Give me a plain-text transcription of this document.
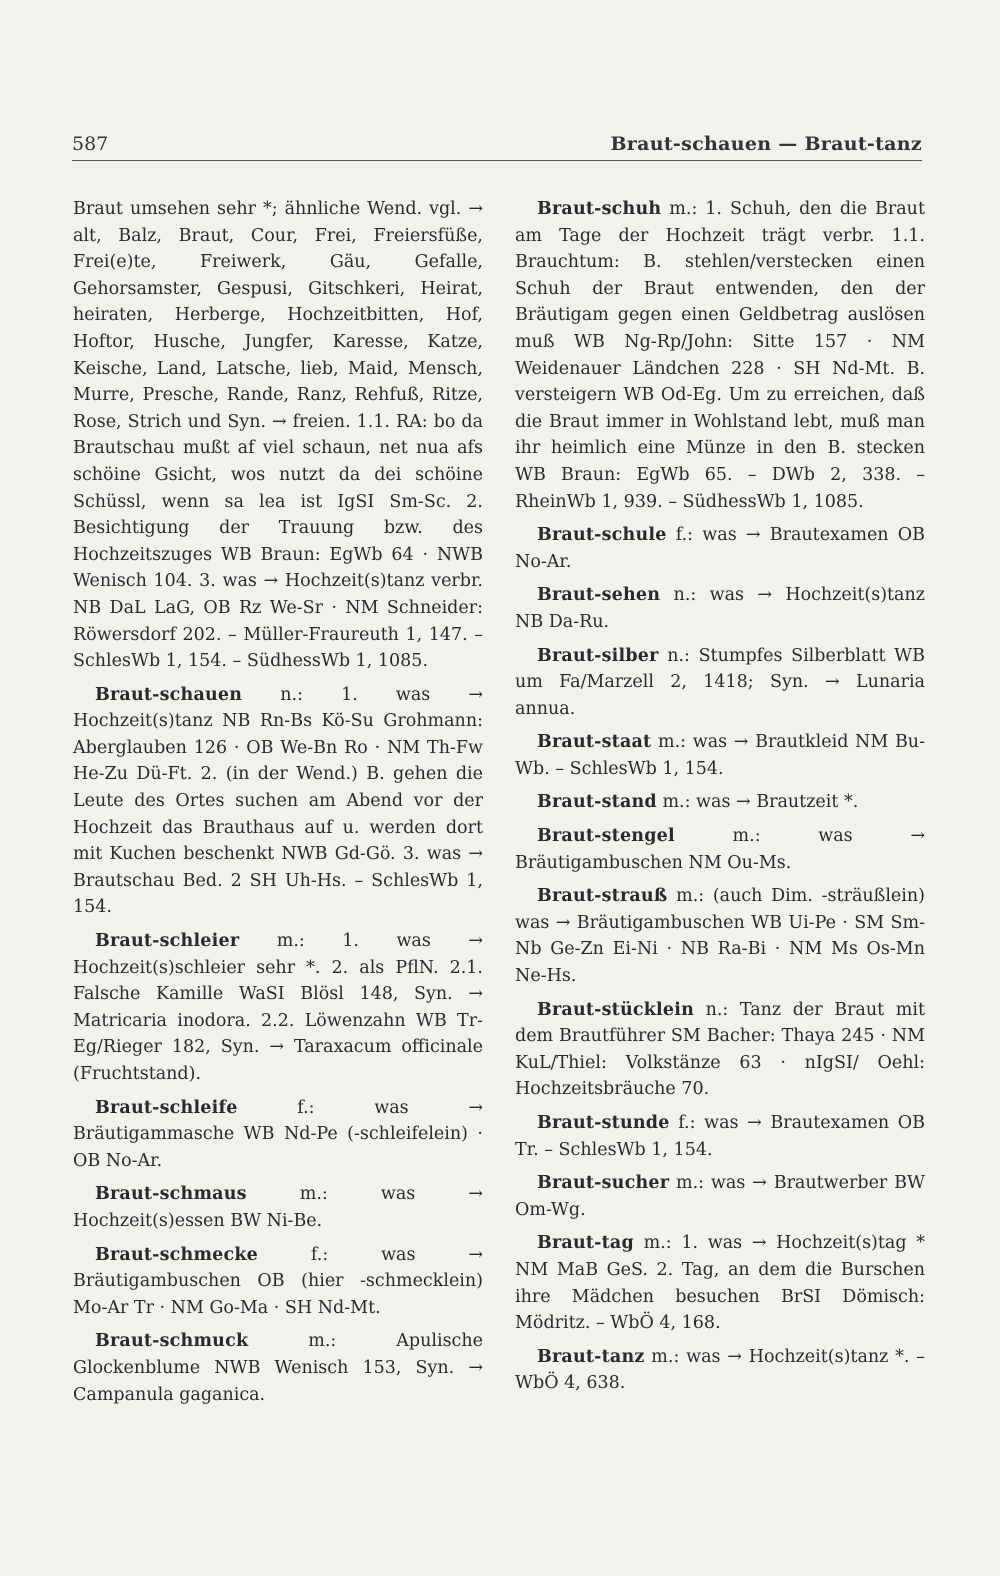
587	Braut-schauen — Braut-tanz

Braut umsehen sehr *; ähnliche Wend. vgl. → alt, Balz, Braut, Cour, Frei, Freiersfüße, Frei(e)te, Freiwerk, Gäu, Gefalle, Gehorsamster, Gespusi, Gitschkeri, Heirat, heiraten, Herberge, Hochzeitbitten, Hof, Hoftor, Husche, Jungfer, Karesse, Katze, Keische, Land, Latsche, lieb, Maid, Mensch, Murre, Presche, Rande, Ranz, Rehfuß, Ritze, Rose, Strich und Syn. → freien. 1.1. RA: bo da Brautschau mußt af viel schaun, net nua afs schöine Gsicht, wos nutzt da dei schöine Schüssl, wenn sa lea ist IgSI Sm-Sc. 2. Besichtigung der Trauung bzw. des Hochzeitszuges WB Braun: EgWb 64 · NWB Wenisch 104. 3. was → Hochzeit(s)tanz verbr. NB DaL LaG, OB Rz We-Sr · NM Schneider: Röwersdorf 202. – Müller-Fraureuth 1, 147. – SchlesWb 1, 154. – SüdhessWb 1, 1085.

Braut-schauen n.: 1. was → Hochzeit(s)tanz NB Rn-Bs Kö-Su Grohmann: Aberglauben 126 · OB We-Bn Ro · NM Th-Fw He-Zu Dü-Ft. 2. (in der Wend.) B. gehen die Leute des Ortes suchen am Abend vor der Hochzeit das Brauthaus auf u. werden dort mit Kuchen beschenkt NWB Gd-Gö. 3. was → Brautschau Bed. 2 SH Uh-Hs. – SchlesWb 1, 154.

Braut-schleier m.: 1. was → Hochzeit(s)schleier sehr *. 2. als PflN. 2.1. Falsche Kamille WaSI Blösl 148, Syn. → Matricaria inodora. 2.2. Löwenzahn WB Tr-Eg/Rieger 182, Syn. → Taraxacum officinale (Fruchtstand).

Braut-schleife	f.: was → Bräutigammasche WB Nd-Pe (-schleifelein) · OB No-Ar.

Braut-schmaus	m.: was → Hochzeit(s)essen BW Ni-Be.

Braut-schmecke	f.: was → Bräutigambuschen OB (hier -schmecklein) Mo-Ar Tr · NM Go-Ma · SH Nd-Mt.

Braut-schmuck	m.: Apulische Glockenblume NWB Wenisch 153, Syn. → Campanula gaganica.

Braut-schuh m.: 1. Schuh, den die Braut am Tage der Hochzeit trägt verbr. 1.1. Brauchtum: B. stehlen/verstecken einen Schuh der Braut entwenden, den der Bräutigam gegen einen Geldbetrag auslösen muß WB Ng-Rp/John: Sitte 157 · NM Weidenauer Ländchen 228 · SH Nd-Mt. B. versteigern WB Od-Eg. Um zu erreichen, daß die Braut immer in Wohlstand lebt, muß man ihr heimlich eine Münze in den B. stecken WB Braun: EgWb 65. – DWb 2, 338. – RheinWb 1, 939. – SüdhessWb 1, 1085.

Braut-schule f.: was → Brautexamen OB No-Ar.

Braut-sehen n.: was → Hochzeit(s)tanz NB Da-Ru.

Braut-silber n.: Stumpfes Silberblatt WB um Fa/Marzell 2, 1418; Syn. → Lunaria annua.

Braut-staat m.: was → Brautkleid NM Bu-Wb. – SchlesWb 1, 154.

Braut-stand m.: was → Brautzeit *.

Braut-stengel	m.: was → Bräutigambuschen NM Ou-Ms.

Braut-strauß m.: (auch Dim. -sträußlein) was → Bräutigambuschen WB Ui-Pe · SM Sm-Nb Ge-Zn Ei-Ni · NB Ra-Bi · NM Ms Os-Mn Ne-Hs.

Braut-stücklein n.: Tanz der Braut mit dem Brautführer SM Bacher: Thaya 245 · NM KuL/Thiel: Volkstänze 63 · nIgSI/ Oehl: Hochzeitsbräuche 70.

Braut-stunde f.: was → Brautexamen OB Tr. – SchlesWb 1, 154.

Braut-sucher m.: was → Brautwerber BW Om-Wg.

Braut-tag m.: 1. was → Hochzeit(s)tag * NM MaB GeS. 2. Tag, an dem die Burschen ihre Mädchen besuchen BrSI Dömisch: Mödritz. – WbÖ 4, 168.

Braut-tanz m.: was → Hochzeit(s)tanz *. – WbÖ 4, 638.
